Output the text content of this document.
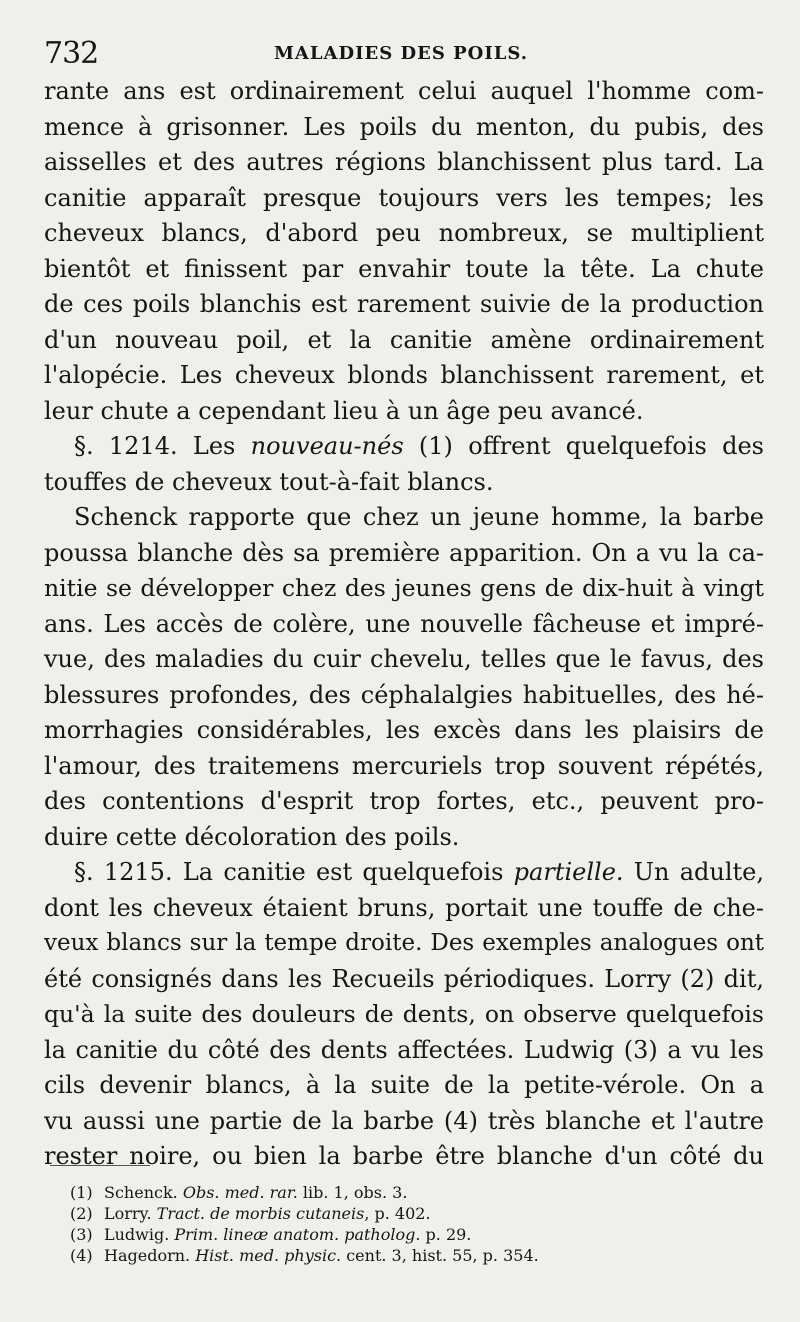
732	MALADIES DES POILS.
rante ans est ordinairement celui auquel l'homme com-
mence à grisonner. Les poils du menton, du pubis, des
aisselles et des autres régions blanchissent plus tard. La
canitie apparaît presque toujours vers les tempes; les
cheveux blancs, d'abord peu nombreux, se multiplient
bientôt et finissent par envahir toute la tête. La chute
de ces poils blanchis est rarement suivie de la production
d'un nouveau poil, et la canitie amène ordinairement
l'alopécie. Les cheveux blonds blanchissent rarement, et
leur chute a cependant lieu à un âge peu avancé.
§. 1214. Les nouveau-nés (1) offrent quelquefois des
touffes de cheveux tout-à-fait blancs.
Schenck rapporte que chez un jeune homme, la barbe
poussa blanche dès sa première apparition. On a vu la ca-
nitie se développer chez des jeunes gens de dix-huit à vingt
ans. Les accès de colère, une nouvelle fâcheuse et impré-
vue, des maladies du cuir chevelu, telles que le favus, des
blessures profondes, des céphalalgies habituelles, des hé-
morrhagies considérables, les excès dans les plaisirs de
l'amour, des traitemens mercuriels trop souvent répétés,
des contentions d'esprit trop fortes, etc., peuvent pro-
duire cette décoloration des poils.
§. 1215. La canitie est quelquefois partielle. Un adulte,
dont les cheveux étaient bruns, portait une touffe de che-
veux blancs sur la tempe droite. Des exemples analogues ont
été consignés dans les Recueils périodiques. Lorry (2) dit,
qu'à la suite des douleurs de dents, on observe quelquefois
la canitie du côté des dents affectées. Ludwig (3) a vu les
cils devenir blancs, à la suite de la petite-vérole. On a
vu aussi une partie de la barbe (4) très blanche et l'autre
rester noire, ou bien la barbe être blanche d'un côté du
(1) Schenck. Obs. med. rar. lib. 1, obs. 3.
(2) Lorry. Tract. de morbis cutaneis, p. 402.
(3) Ludwig. Prim. lineæ anatom. patholog. p. 29.
(4) Hagedorn. Hist. med. physic. cent. 3, hist. 55, p. 354.
